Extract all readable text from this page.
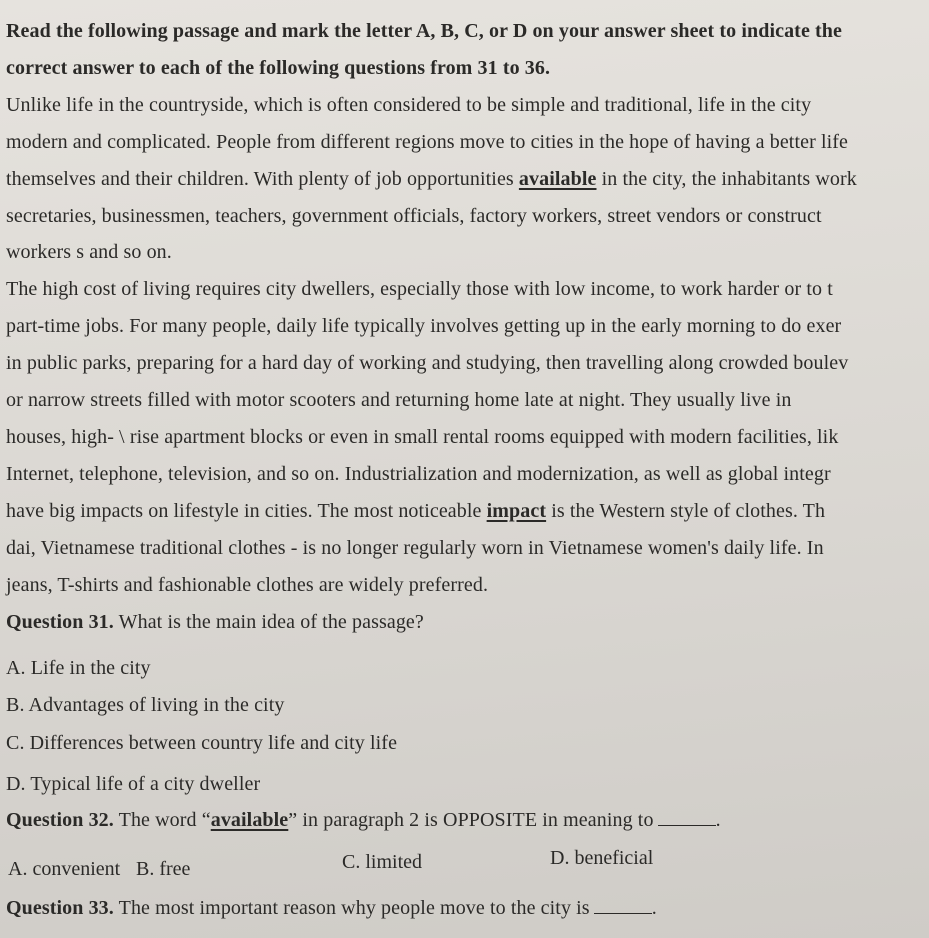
Read the following passage and mark the letter A, B, C, or D on your answer sheet to indicate the
correct answer to each of the following questions from 31 to 36.
Unlike life in the countryside, which is often considered to be simple and traditional, life in the city
modern and complicated. People from different regions move to cities in the hope of having a better life
themselves and their children. With plenty of job opportunities available in the city, the inhabitants work
secretaries, businessmen, teachers, government officials, factory workers, street vendors or construct
workers s and so on.
The high cost of living requires city dwellers, especially those with low income, to work harder or to t
part-time jobs. For many people, daily life typically involves getting up in the early morning to do exer
in public parks, preparing for a hard day of working and studying, then travelling along crowded boulev
or narrow streets filled with motor scooters and returning home late at night. They usually live in
houses, high- \ rise apartment blocks or even in small rental rooms equipped with modern facilities, lik
Internet, telephone, television, and so on. Industrialization and modernization, as well as global integr
have big impacts on lifestyle in cities. The most noticeable impact is the Western style of clothes. Th
dai, Vietnamese traditional clothes - is no longer regularly worn in Vietnamese women's daily life. In
jeans, T-shirts and fashionable clothes are widely preferred.
Question 31. What is the main idea of the passage?
A. Life in the city
B. Advantages of living in the city
C. Differences between country life and city life
D. Typical life of a city dweller
Question 32. The word “available” in paragraph 2 is OPPOSITE in meaning to	.
A. convenient B. free	C. limited	D. beneficial
Question 33. The most important reason why people move to the city is	.
